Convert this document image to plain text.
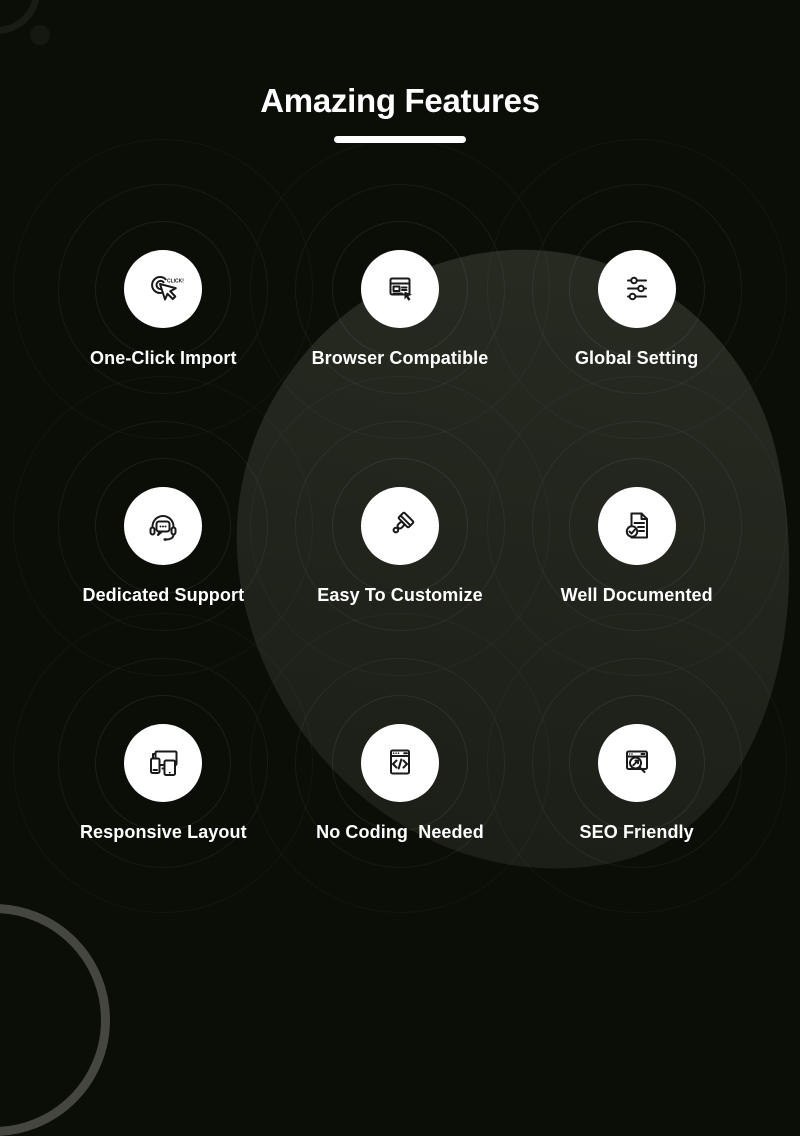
Amazing Features
CLICK!
One-Click Import	Browser Compatible	Global Setting
Dedicated Support	Easy To Customize	Well Documented
Responsive Layout	No Coding  Needed	SEO Friendly
